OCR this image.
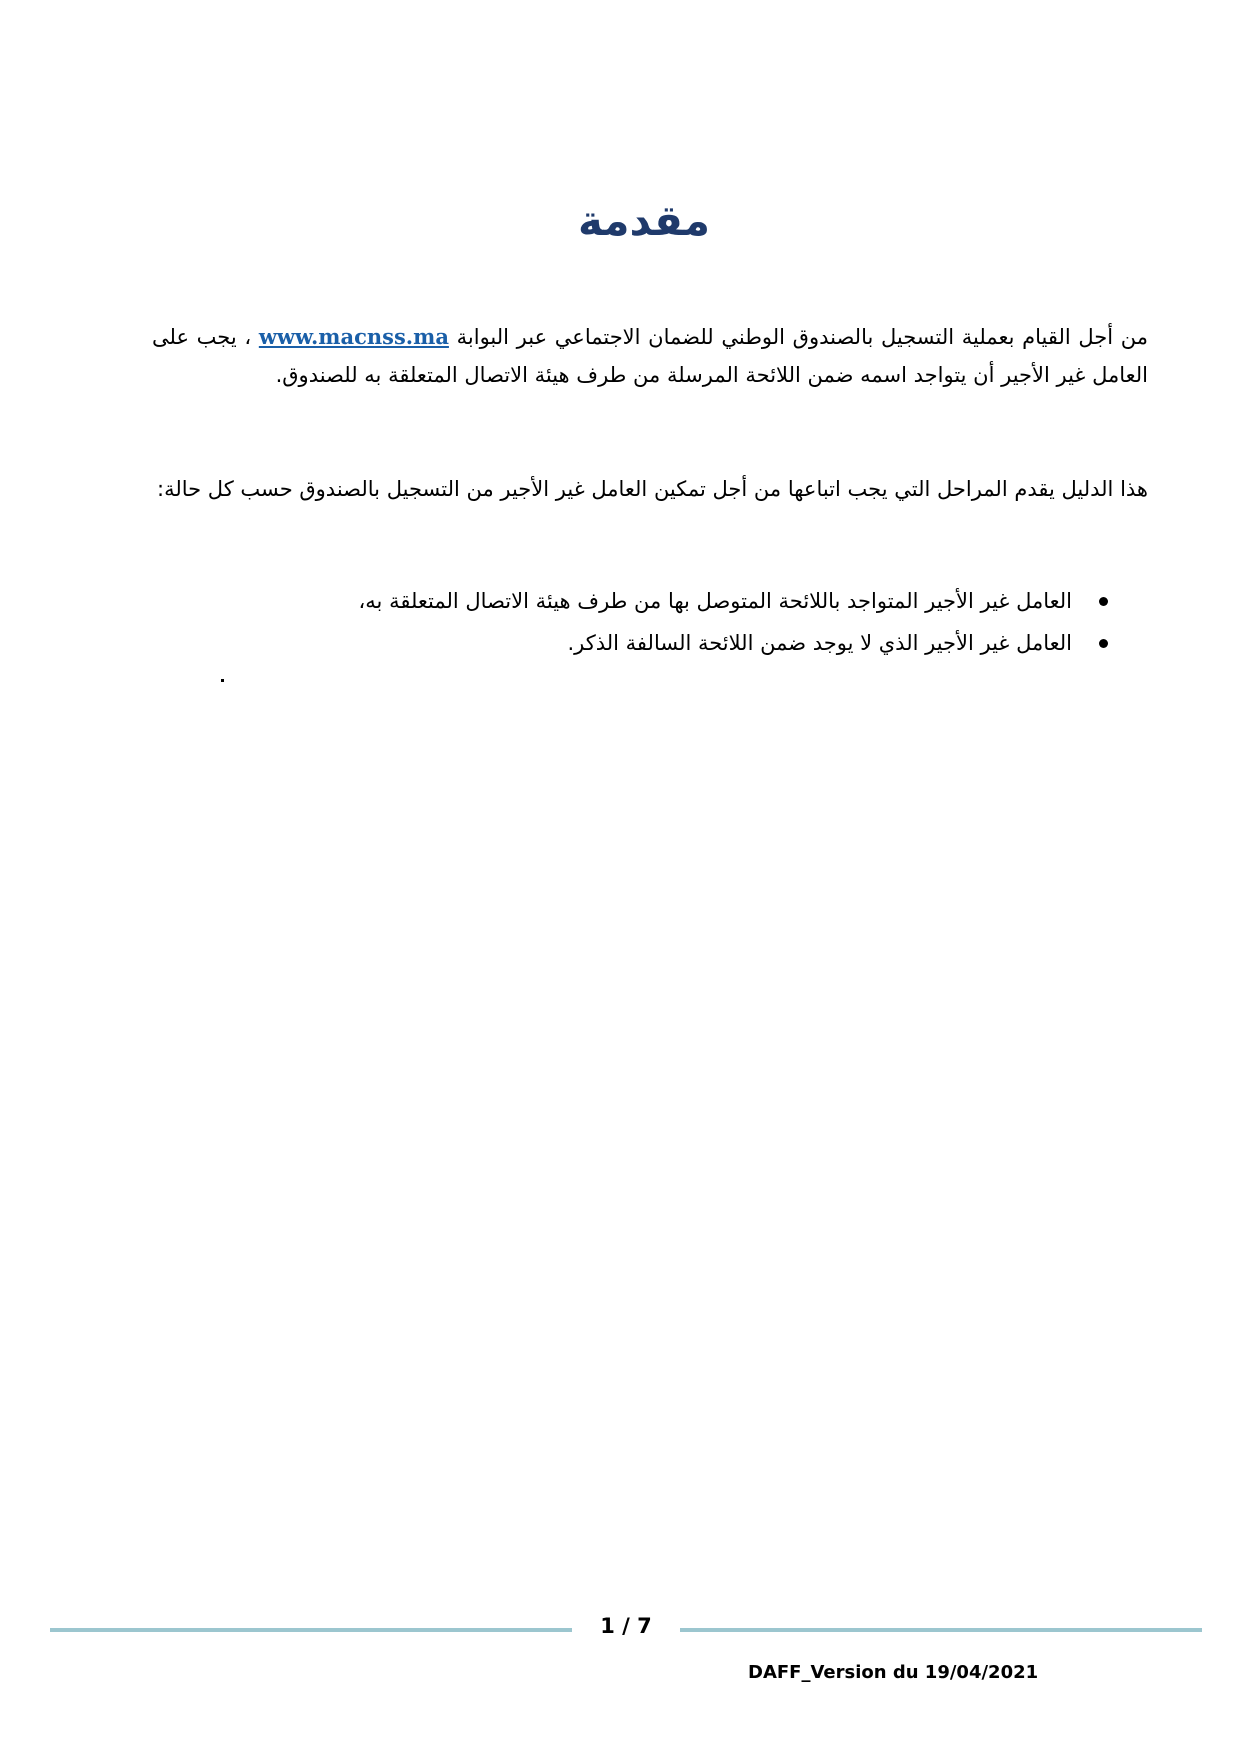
مقدمة

من أجل القيام بعملية التسجيل بالصندوق الوطني للضمان الاجتماعي عبر البوابة www.macnss.ma ، يجب على العامل غير الأجير أن يتواجد اسمه ضمن اللائحة المرسلة من طرف هيئة الاتصال المتعلقة به للصندوق.

هذا الدليل يقدم المراحل التي يجب اتباعها من أجل تمكين العامل غير الأجير من التسجيل بالصندوق حسب كل حالة:

العامل غير الأجير المتواجد باللائحة المتوصل بها من طرف هيئة الاتصال المتعلقة به،
العامل غير الأجير الذي لا يوجد ضمن اللائحة السالفة الذكر.

1 / 7

DAFF_Version du 19/04/2021
